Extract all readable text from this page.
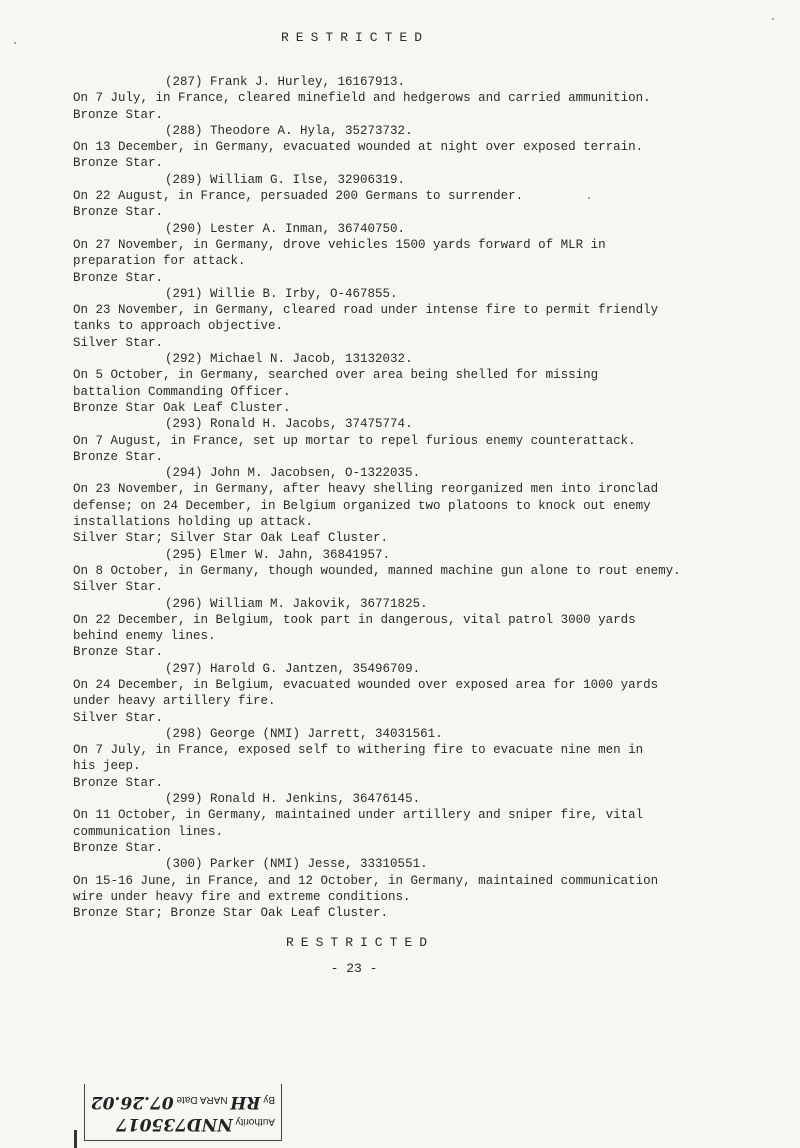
RESTRICTED
(287) Frank J. Hurley, 16167913.
On 7 July, in France, cleared minefield and hedgerows and carried ammunition.
Bronze Star.
(288) Theodore A. Hyla, 35273732.
On 13 December, in Germany, evacuated wounded at night over exposed terrain.
Bronze Star.
(289) William G. Ilse, 32906319.
On 22 August, in France, persuaded 200 Germans to surrender.
Bronze Star.
(290) Lester A. Inman, 36740750.
On 27 November, in Germany, drove vehicles 1500 yards forward of MLR in
preparation for attack.
Bronze Star.
(291) Willie B. Irby, O-467855.
On 23 November, in Germany, cleared road under intense fire to permit friendly
tanks to approach objective.
Silver Star.
(292) Michael N. Jacob, 13132032.
On 5 October, in Germany, searched over area being shelled for missing
battalion Commanding Officer.
Bronze Star Oak Leaf Cluster.
(293) Ronald H. Jacobs, 37475774.
On 7 August, in France, set up mortar to repel furious enemy counterattack.
Bronze Star.
(294) John M. Jacobsen, O-1322035.
On 23 November, in Germany, after heavy shelling reorganized men into ironclad
defense; on 24 December, in Belgium organized two platoons to knock out enemy
installations holding up attack.
Silver Star; Silver Star Oak Leaf Cluster.
(295) Elmer W. Jahn, 36841957.
On 8 October, in Germany, though wounded, manned machine gun alone to rout enemy.
Silver Star.
(296) William M. Jakovik, 36771825.
On 22 December, in Belgium, took part in dangerous, vital patrol 3000 yards
behind enemy lines.
Bronze Star.
(297) Harold G. Jantzen, 35496709.
On 24 December, in Belgium, evacuated wounded over exposed area for 1000 yards
under heavy artillery fire.
Silver Star.
(298) George (NMI) Jarrett, 34031561.
On 7 July, in France, exposed self to withering fire to evacuate nine men in
his jeep.
Bronze Star.
(299) Ronald H. Jenkins, 36476145.
On 11 October, in Germany, maintained under artillery and sniper fire, vital
communication lines.
Bronze Star.
(300) Parker (NMI) Jesse, 33310551.
On 15-16 June, in France, and 12 October, in Germany, maintained communication
wire under heavy fire and extreme conditions.
Bronze Star; Bronze Star Oak Leaf Cluster.
RESTRICTED
- 23 -
Authority NND735017
By RH NARA Date 07.26.02
